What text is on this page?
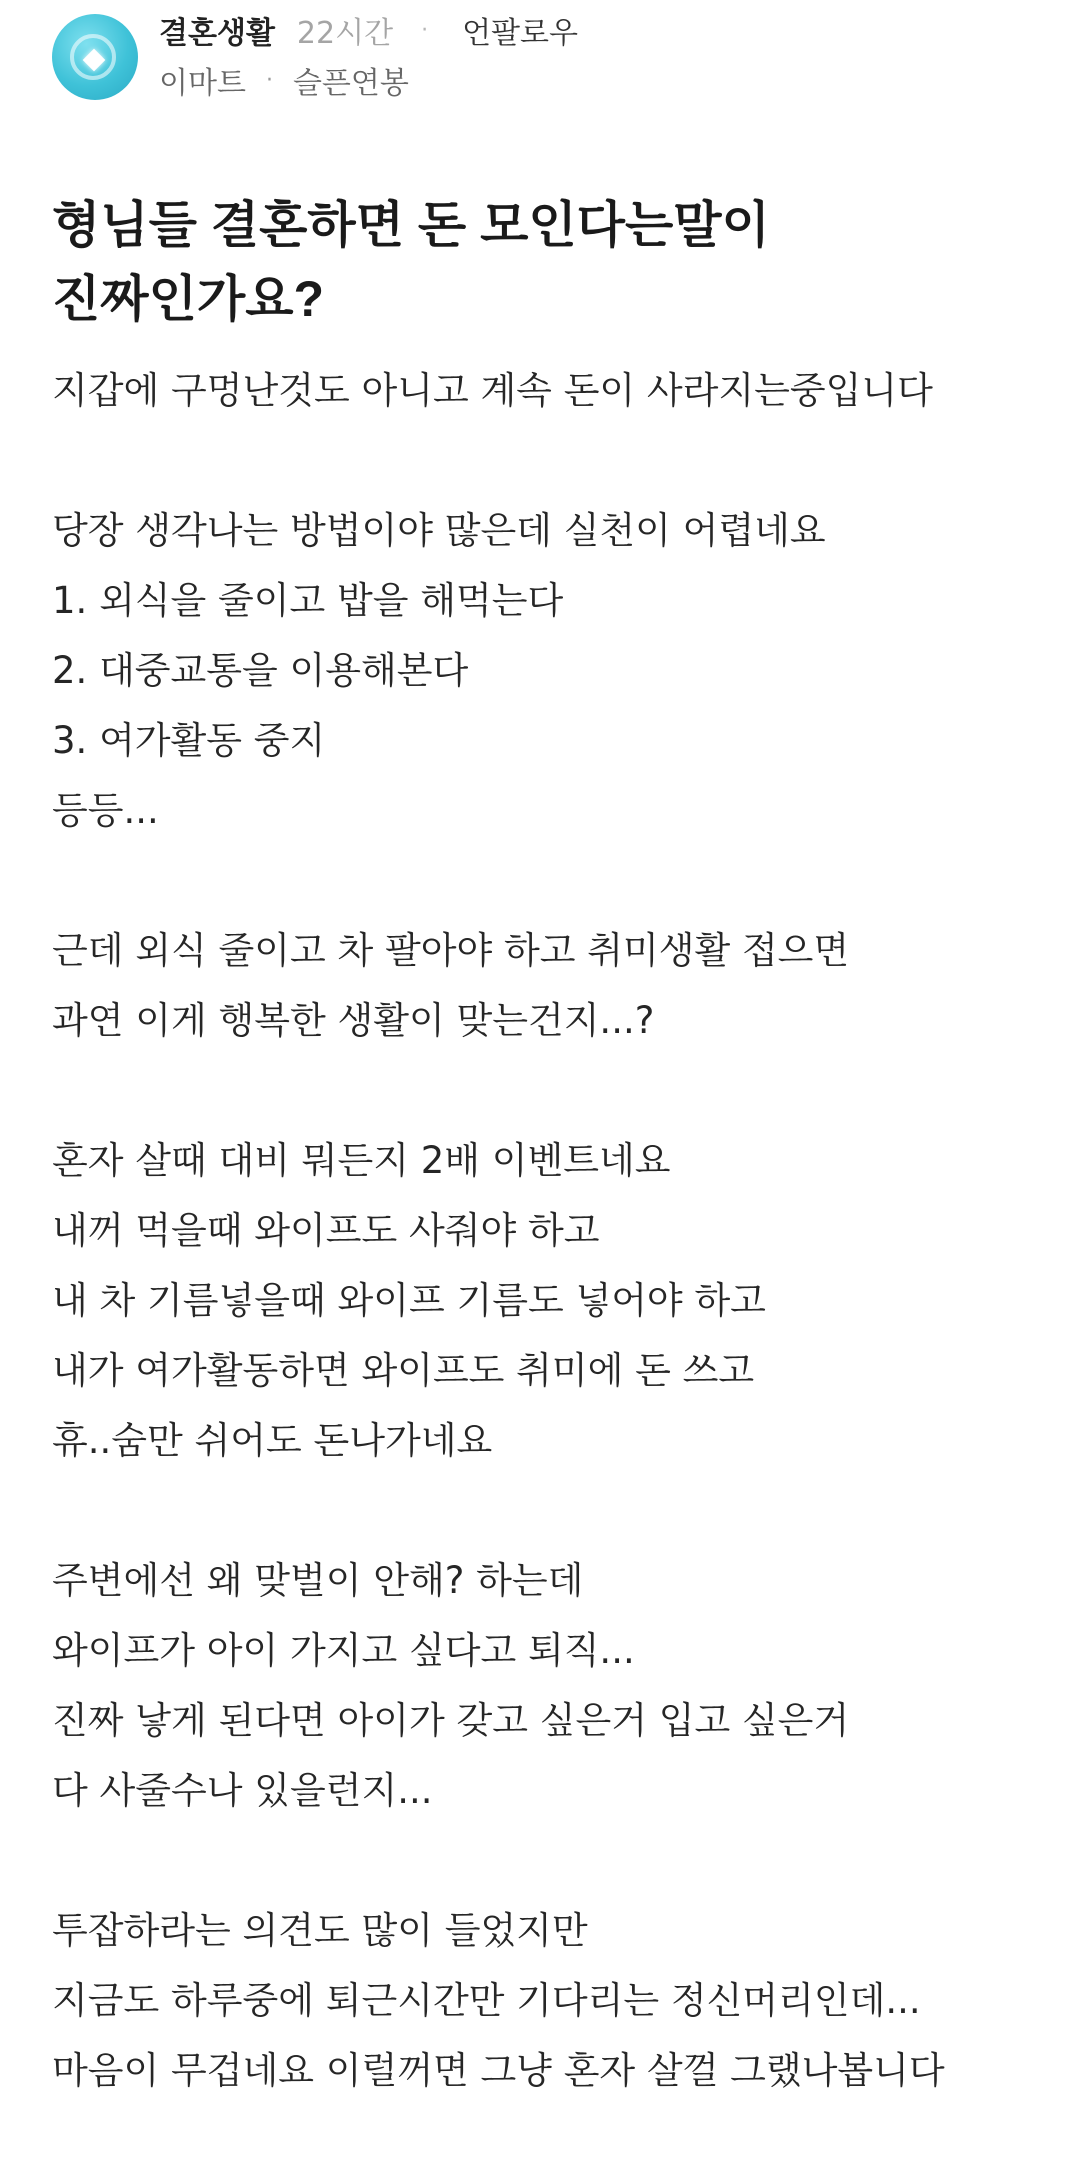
결혼생활 22시간 · 언팔로우
이마트 · 슬픈연봉
형님들 결혼하면 돈 모인다는말이
진짜인가요?
지갑에 구멍난것도 아니고 계속 돈이 사라지는중입니다
당장 생각나는 방법이야 많은데 실천이 어렵네요
1. 외식을 줄이고 밥을 해먹는다
2. 대중교통을 이용해본다
3. 여가활동 중지
등등...
근데 외식 줄이고 차 팔아야 하고 취미생활 접으면
과연 이게 행복한 생활이 맞는건지...?
혼자 살때 대비 뭐든지 2배 이벤트네요
내꺼 먹을때 와이프도 사줘야 하고
내 차 기름넣을때 와이프 기름도 넣어야 하고
내가 여가활동하면 와이프도 취미에 돈 쓰고
휴..숨만 쉬어도 돈나가네요
주변에선 왜 맞벌이 안해? 하는데
와이프가 아이 가지고 싶다고 퇴직...
진짜 낳게 된다면 아이가 갖고 싶은거 입고 싶은거
다 사줄수나 있을런지...
투잡하라는 의견도 많이 들었지만
지금도 하루중에 퇴근시간만 기다리는 정신머리인데...
마음이 무겁네요 이럴꺼면 그냥 혼자 살껄 그랬나봅니다
